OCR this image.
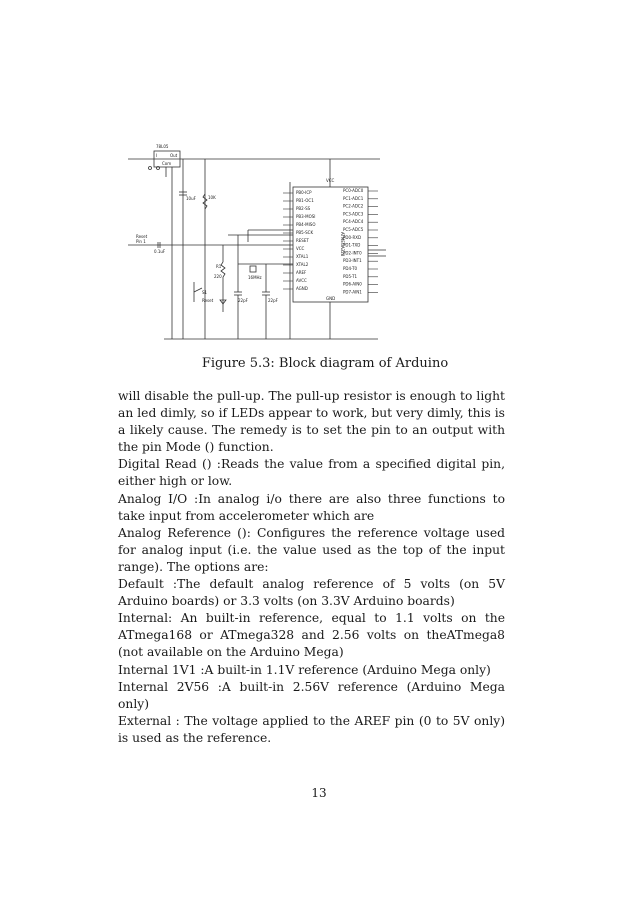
78L05
I	Out
Com
10uF	10K
Reset
Pin 1
0.1uF
S1
Reset
R1
220	16MHz
22pF	22pF
VCC
GND
ATMEGA328
PB0-ICP
PB1-OC1
PB2-SS
PB3-MOSI
PB4-MISO
PB5-SCK
RESET
VCC
XTAL1
XTAL2
AREF
AVCC
AGND
PC0-ADC0
PC1-ADC1
PC2-ADC2
PC3-ADC3
PC4-ADC4
PC5-ADC5
PD0-RXD
PD1-TXD
PD2-INT0
PD3-INT1
PD4-T0
PD5-T1
PD6-AIN0
PD7-AIN1
Figure 5.3: Block diagram of Arduino

will disable the pull-up. The pull-up resistor is enough to light an led dimly, so if LEDs appear to work, but very dimly, this is a likely cause. The remedy is to set the pin to an output with the pin Mode () function.

Digital Read () :Reads the value from a specified digital pin, either high or low.

Analog I/O :In analog i/o there are also three functions to take input from accelerometer which are

Analog Reference (): Configures the reference voltage used for analog input (i.e. the value used as the top of the input range). The options are:

Default :The default analog reference of 5 volts (on 5V Arduino boards) or 3.3 volts (on 3.3V Arduino boards)

Internal: An built-in reference, equal to 1.1 volts on the ATmega168 or ATmega328 and 2.56 volts on theATmega8 (not available on the Arduino Mega)

Internal 1V1 :A built-in 1.1V reference (Arduino Mega only)

Internal 2V56 :A built-in 2.56V reference (Arduino Mega only)

External : The voltage applied to the AREF pin (0 to 5V only) is used as the reference.

13
